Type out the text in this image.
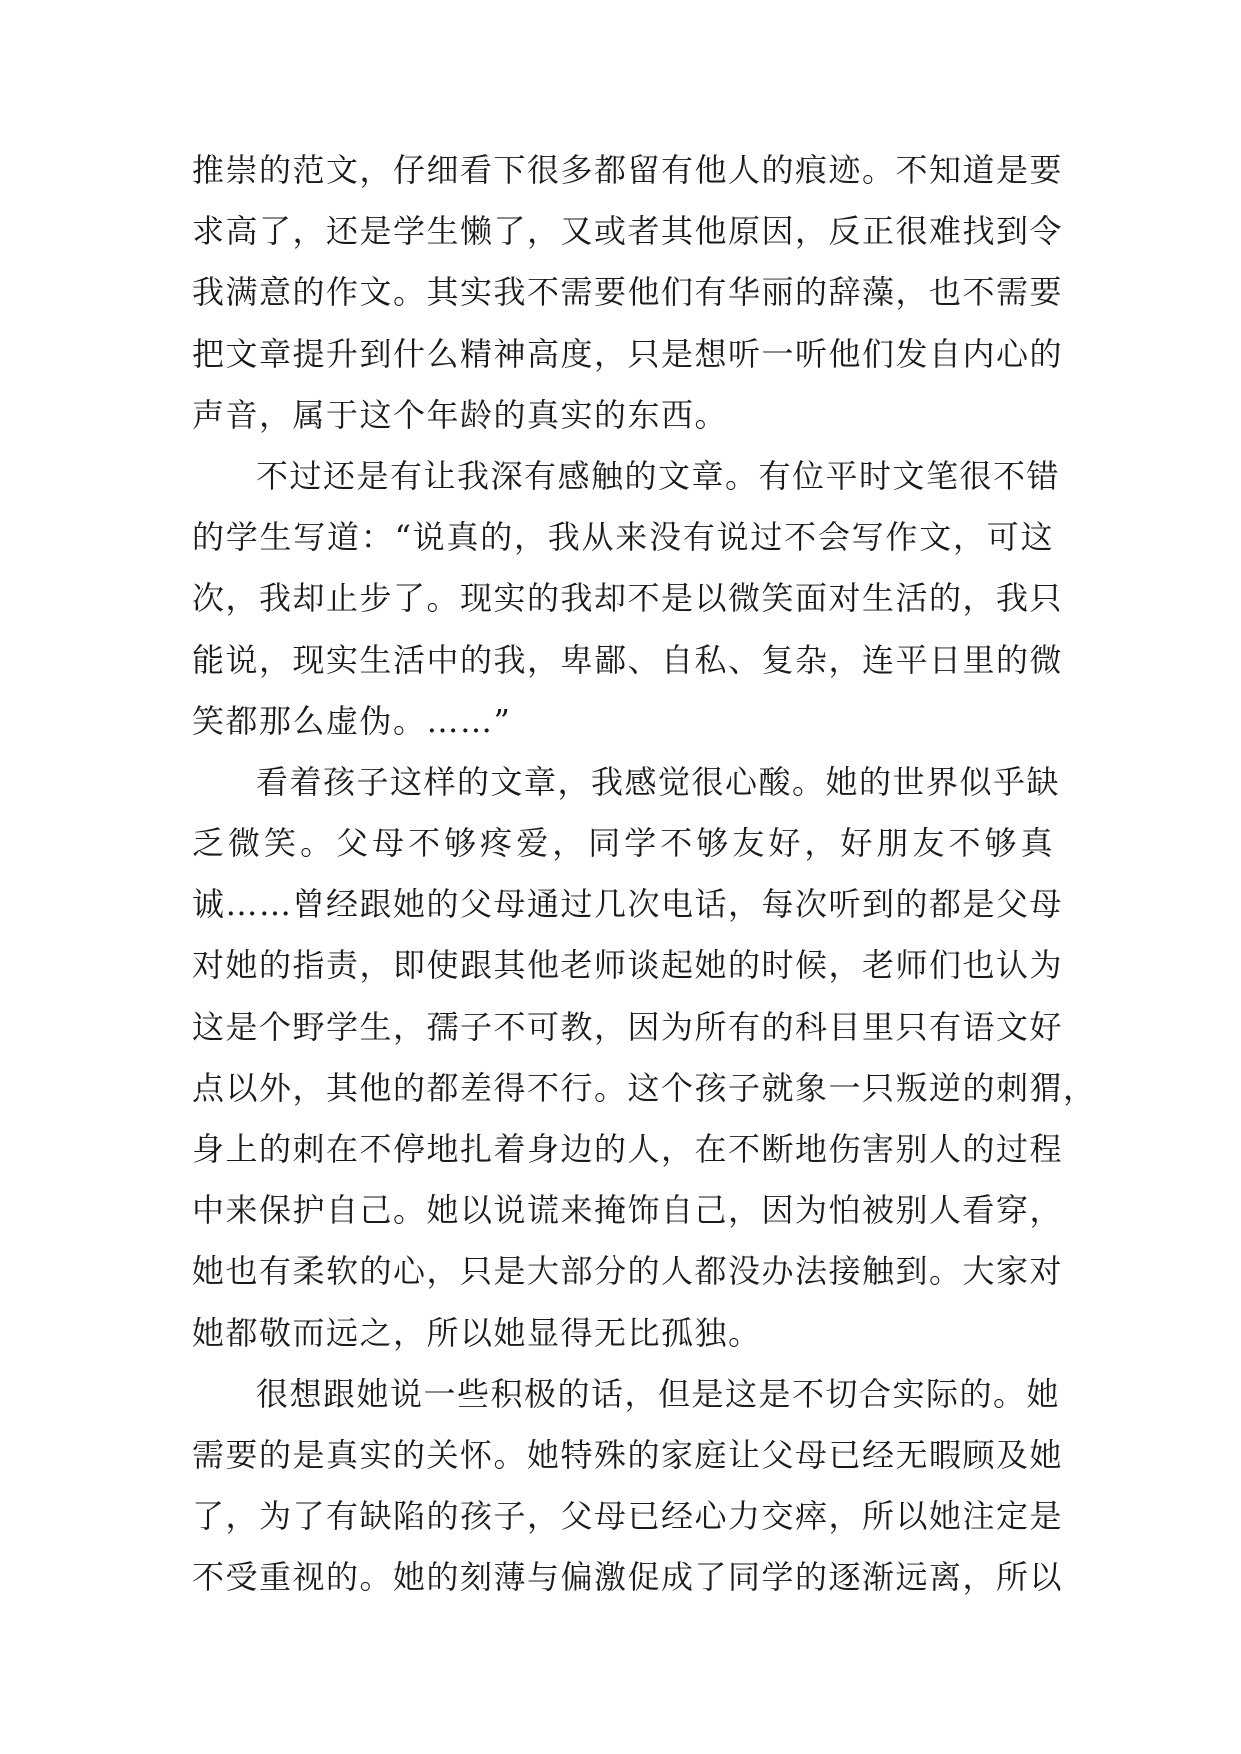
推崇的范文，仔细看下很多都留有他人的痕迹。不知道是要
求高了，还是学生懒了，又或者其他原因，反正很难找到令
我满意的作文。其实我不需要他们有华丽的辞藻，也不需要
把文章提升到什么精神高度，只是想听一听他们发自内心的
声音，属于这个年龄的真实的东西。
不过还是有让我深有感触的文章。有位平时文笔很不错
的学生写道：“说真的，我从来没有说过不会写作文，可这
次，我却止步了。现实的我却不是以微笑面对生活的，我只
能说，现实生活中的我，卑鄙、自私、复杂，连平日里的微
笑都那么虚伪。……”
看着孩子这样的文章，我感觉很心酸。她的世界似乎缺
乏微笑。父母不够疼爱，同学不够友好，好朋友不够真
诚……曾经跟她的父母通过几次电话，每次听到的都是父母
对她的指责，即使跟其他老师谈起她的时候，老师们也认为
这是个野学生，孺子不可教，因为所有的科目里只有语文好
点以外，其他的都差得不行。这个孩子就象一只叛逆的刺猬，
身上的刺在不停地扎着身边的人，在不断地伤害别人的过程
中来保护自己。她以说谎来掩饰自己，因为怕被别人看穿，
她也有柔软的心，只是大部分的人都没办法接触到。大家对
她都敬而远之，所以她显得无比孤独。
很想跟她说一些积极的话，但是这是不切合实际的。她
需要的是真实的关怀。她特殊的家庭让父母已经无暇顾及她
了，为了有缺陷的孩子，父母已经心力交瘁，所以她注定是
不受重视的。她的刻薄与偏激促成了同学的逐渐远离，所以
